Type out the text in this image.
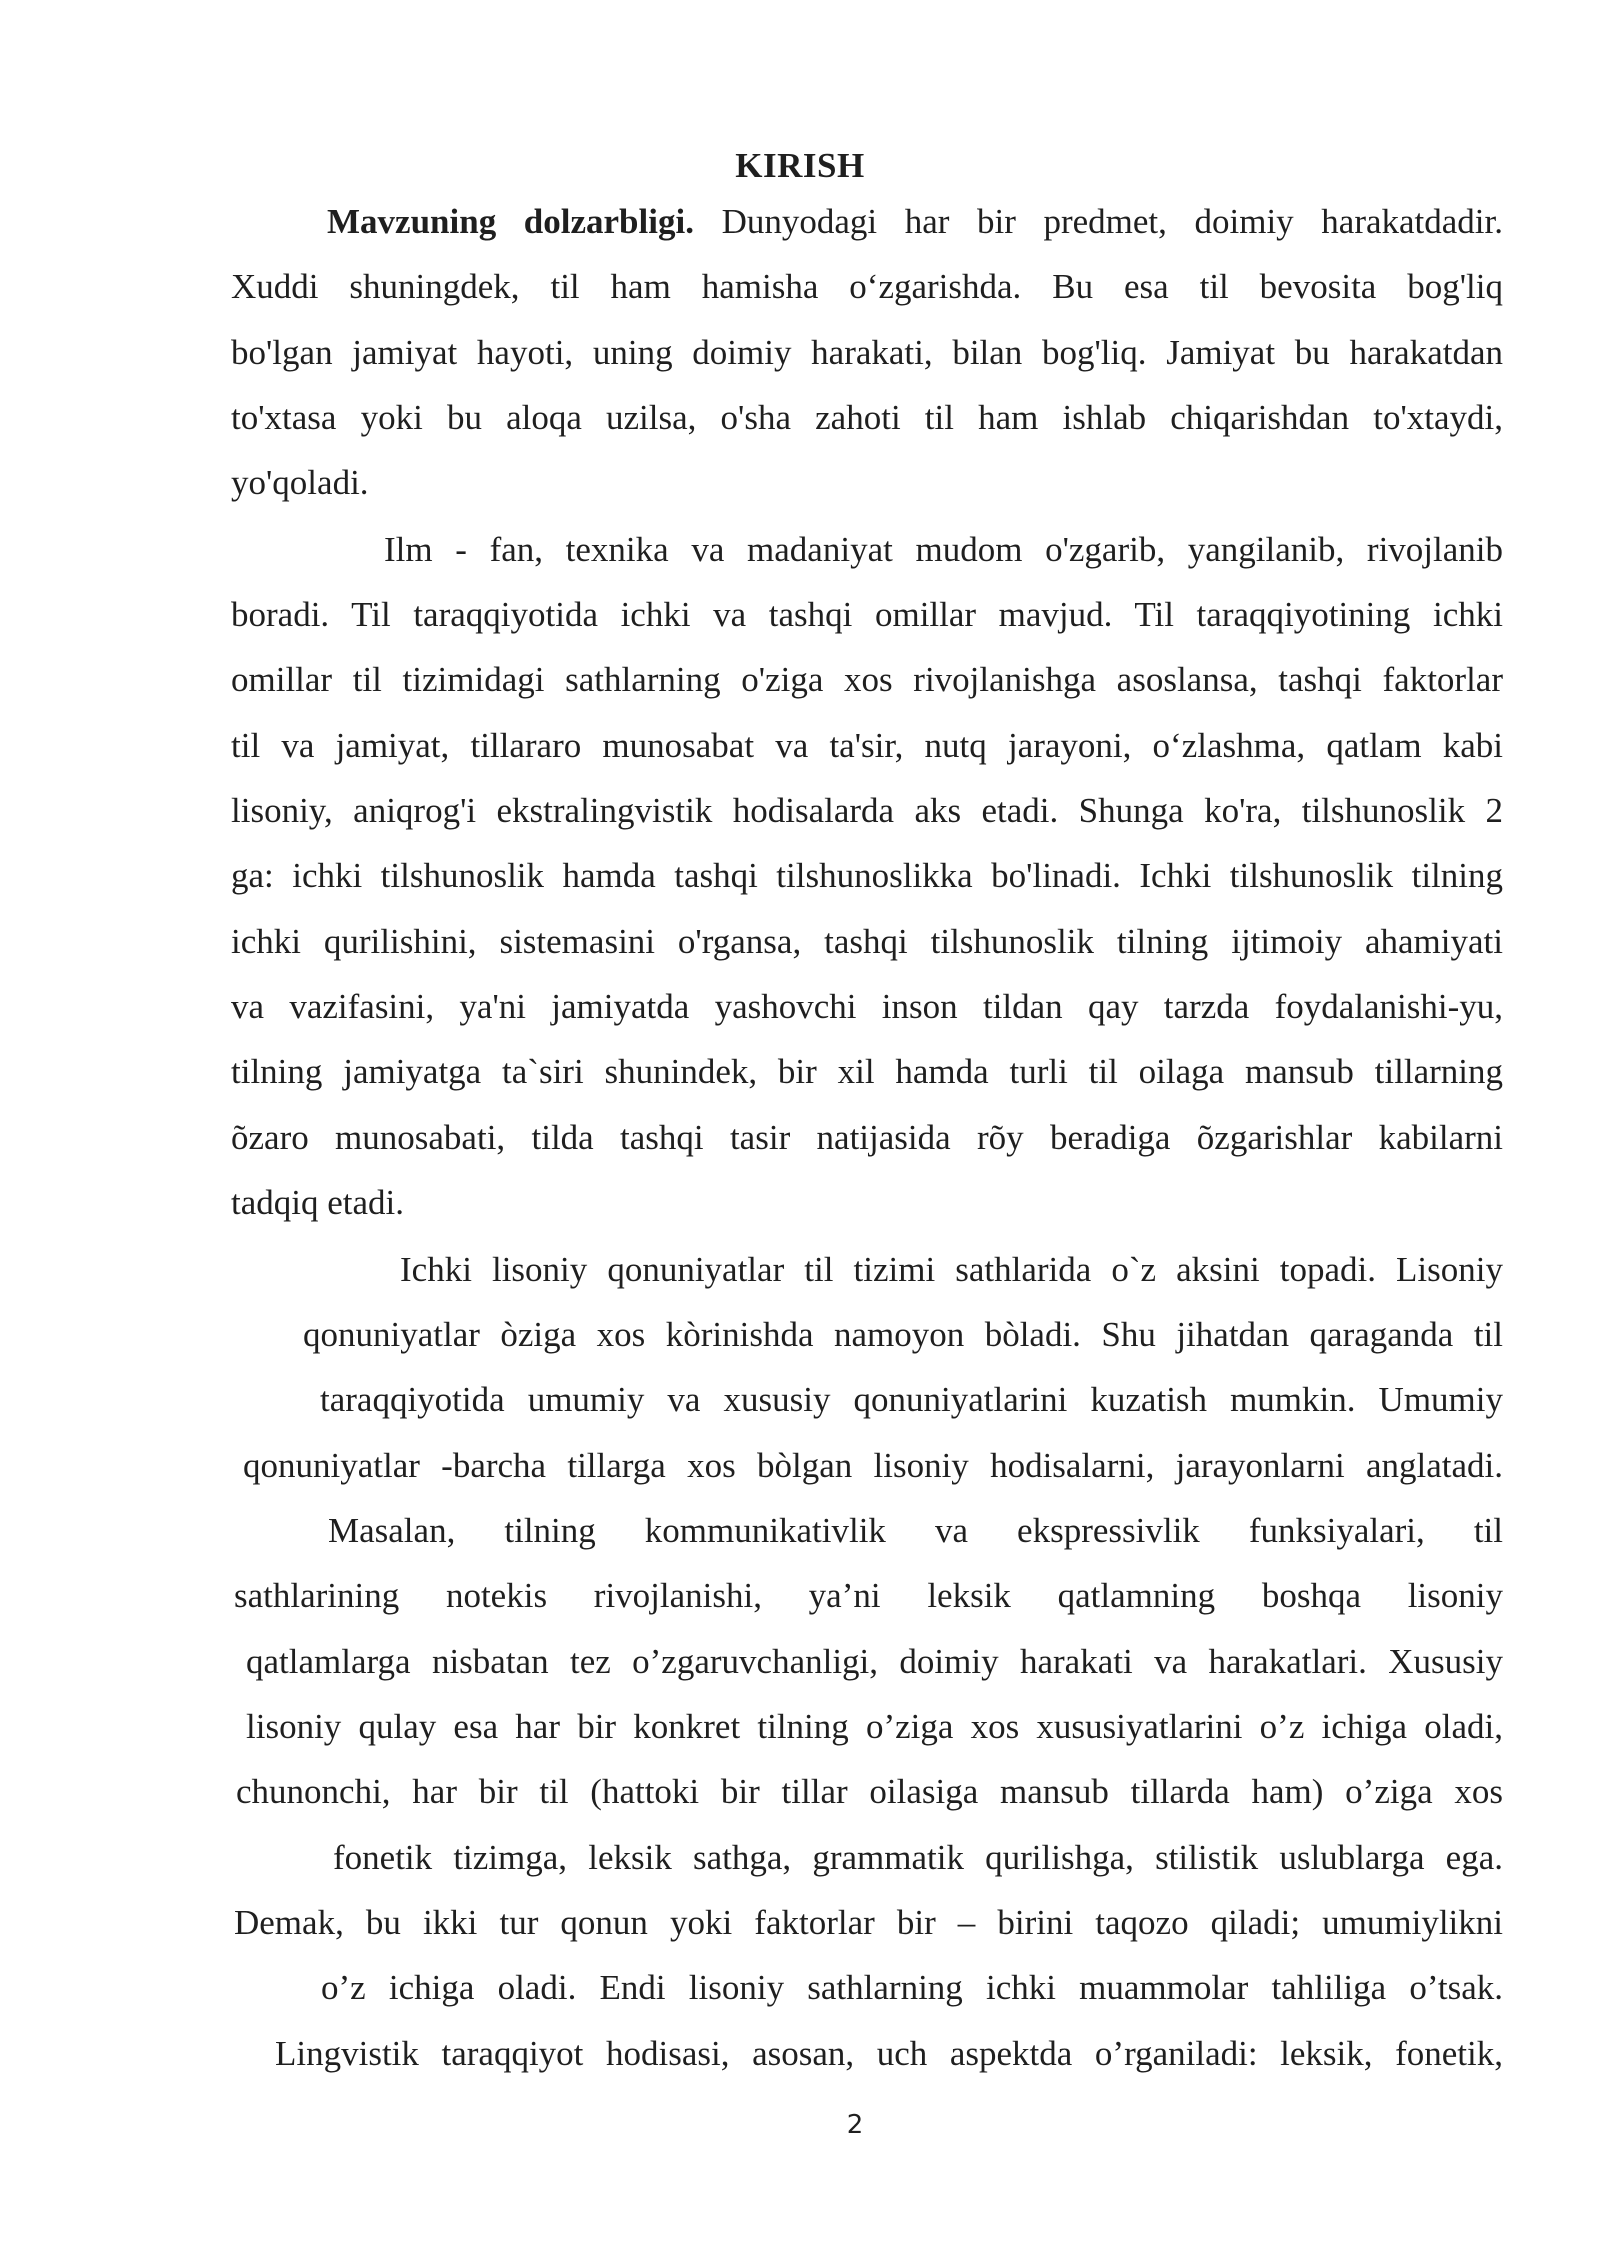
KIRISH
Mavzuning dolzarbligi. Dunyodagi har bir predmet, doimiy harakatdadir.
Xuddi shuningdek, til ham hamisha oʻzgarishda. Bu esa til bevosita bog'liq
bo'lgan jamiyat hayoti, uning doimiy harakati, bilan bog'liq. Jamiyat bu harakatdan
to'xtasa yoki bu aloqa uzilsa, o'sha zahoti til ham ishlab chiqarishdan to'xtaydi,
yo'qoladi.
Ilm - fan, texnika va madaniyat mudom o'zgarib, yangilanib, rivojlanib
boradi. Til taraqqiyotida ichki va tashqi omillar mavjud. Til taraqqiyotining ichki
omillar til tizimidagi sathlarning o'ziga xos rivojlanishga asoslansa, tashqi faktorlar
til va jamiyat, tillararo munosabat va ta'sir, nutq jarayoni, oʻzlashma, qatlam kabi
lisoniy, aniqrog'i ekstralingvistik hodisalarda aks etadi. Shunga ko'ra, tilshunoslik 2
ga: ichki tilshunoslik hamda tashqi tilshunoslikka bo'linadi. Ichki tilshunoslik tilning
ichki qurilishini, sistemasini o'rgansa, tashqi tilshunoslik tilning ijtimoiy ahamiyati
va vazifasini, ya'ni jamiyatda yashovchi inson tildan qay tarzda foydalanishi-yu,
tilning jamiyatga ta`siri shunindek, bir xil hamda turli til oilaga mansub tillarning
õzaro munosabati, tilda tashqi tasir natijasida rõy beradiga õzgarishlar kabilarni
tadqiq etadi.
Ichki lisoniy qonuniyatlar til tizimi sathlarida o`z aksini topadi. Lisoniy
qonuniyatlar òziga xos kòrinishda namoyon bòladi. Shu jihatdan qaraganda til
taraqqiyotida umumiy va xususiy qonuniyatlarini kuzatish mumkin. Umumiy
qonuniyatlar -barcha tillarga xos bòlgan lisoniy hodisalarni, jarayonlarni anglatadi.
Masalan, tilning kommunikativlik va ekspressivlik funksiyalari, til
sathlarining notekis rivojlanishi, ya’ni leksik qatlamning boshqa lisoniy
qatlamlarga nisbatan tez o’zgaruvchanligi, doimiy harakati va harakatlari. Xususiy
lisoniy qulay esa har bir konkret tilning o’ziga xos xususiyatlarini o’z ichiga oladi,
chunonchi, har bir til (hattoki bir tillar oilasiga mansub tillarda ham) o’ziga xos
fonetik tizimga, leksik sathga, grammatik qurilishga, stilistik uslublarga ega.
Demak, bu ikki tur qonun yoki faktorlar bir – birini taqozo qiladi; umumiylikni
o’z ichiga oladi. Endi lisoniy sathlarning ichki muammolar tahliliga o’tsak.
Lingvistik taraqqiyot hodisasi, asosan, uch aspektda o’rganiladi: leksik, fonetik,
2
